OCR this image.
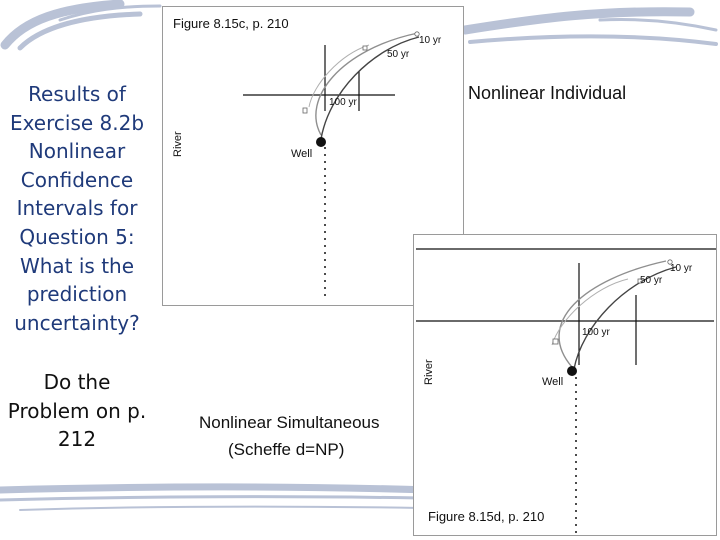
Results of
Exercise 8.2b
Nonlinear
Confidence
Intervals for
Question 5:
What is the
prediction
uncertainty?
Do the
Problem on p.
212
Figure 8.15c, p. 210
Nonlinear Individual
River	Well
100 yr
50 yr
10 yr
River	Well
100 yr
50 yr
10 yr
Figure 8.15d, p. 210
Nonlinear Simultaneous
(Scheffe d=NP)
